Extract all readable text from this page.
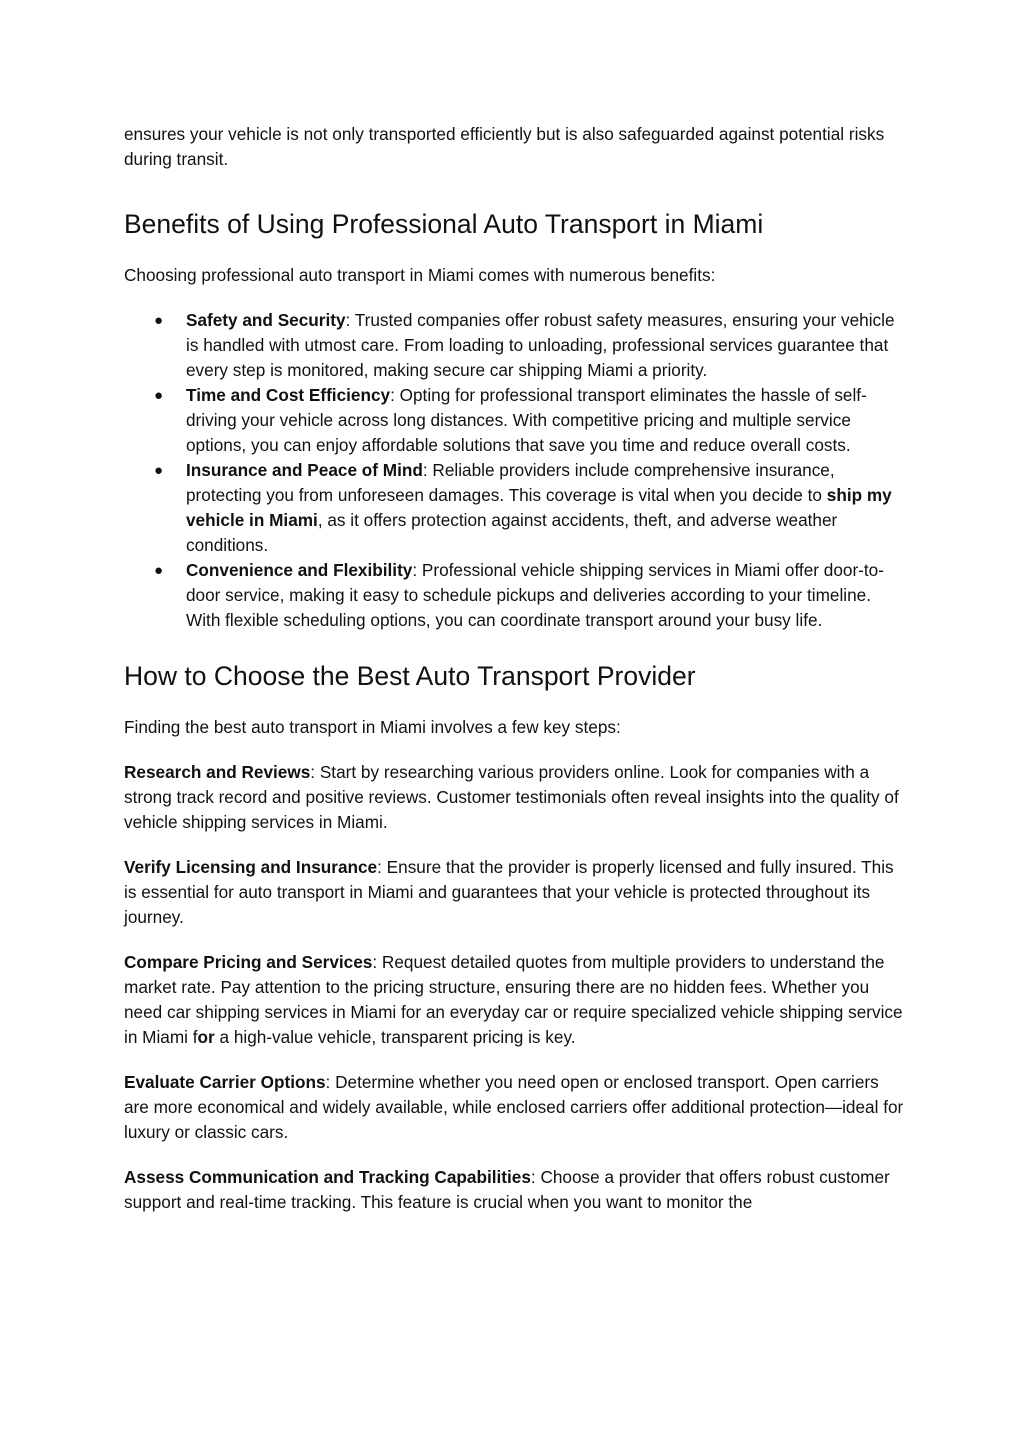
ensures your vehicle is not only transported efficiently but is also safeguarded against potential risks during transit.

Benefits of Using Professional Auto Transport in Miami

Choosing professional auto transport in Miami comes with numerous benefits:

● Safety and Security: Trusted companies offer robust safety measures, ensuring your vehicle is handled with utmost care. From loading to unloading, professional services guarantee that every step is monitored, making secure car shipping Miami a priority.
● Time and Cost Efficiency: Opting for professional transport eliminates the hassle of self-driving your vehicle across long distances. With competitive pricing and multiple service options, you can enjoy affordable solutions that save you time and reduce overall costs.
● Insurance and Peace of Mind: Reliable providers include comprehensive insurance, protecting you from unforeseen damages. This coverage is vital when you decide to ship my vehicle in Miami, as it offers protection against accidents, theft, and adverse weather conditions.
● Convenience and Flexibility: Professional vehicle shipping services in Miami offer door-to-door service, making it easy to schedule pickups and deliveries according to your timeline. With flexible scheduling options, you can coordinate transport around your busy life.
How to Choose the Best Auto Transport Provider

Finding the best auto transport in Miami involves a few key steps:

Research and Reviews: Start by researching various providers online. Look for companies with a strong track record and positive reviews. Customer testimonials often reveal insights into the quality of vehicle shipping services in Miami.

Verify Licensing and Insurance: Ensure that the provider is properly licensed and fully insured. This is essential for auto transport in Miami and guarantees that your vehicle is protected throughout its journey.

Compare Pricing and Services: Request detailed quotes from multiple providers to understand the market rate. Pay attention to the pricing structure, ensuring there are no hidden fees. Whether you need car shipping services in Miami for an everyday car or require specialized vehicle shipping service in Miami for a high-value vehicle, transparent pricing is key.

Evaluate Carrier Options: Determine whether you need open or enclosed transport. Open carriers are more economical and widely available, while enclosed carriers offer additional protection—ideal for luxury or classic cars.

Assess Communication and Tracking Capabilities: Choose a provider that offers robust customer support and real-time tracking. This feature is crucial when you want to monitor the
